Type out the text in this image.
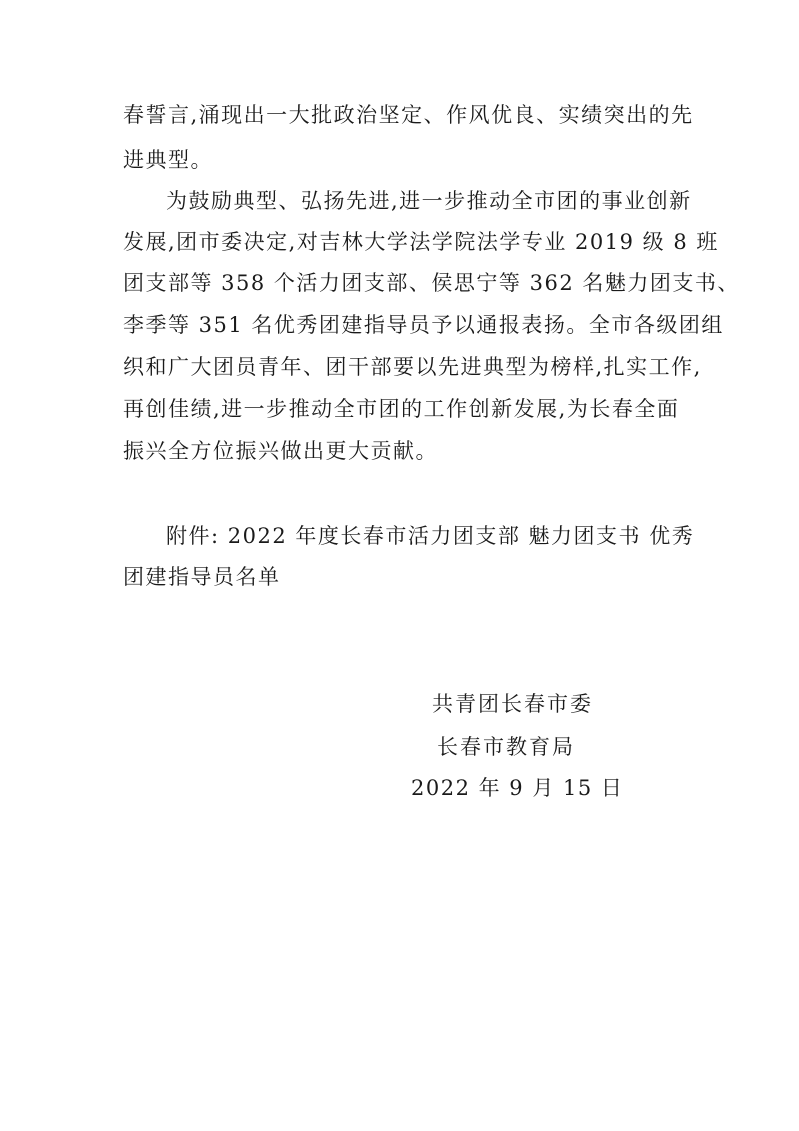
春誓言,涌现出一大批政治坚定、作风优良、实绩突出的先
进典型。
为鼓励典型、弘扬先进,进一步推动全市团的事业创新
发展,团市委决定,对吉林大学法学院法学专业 2019 级 8 班
团支部等 358 个活力团支部、侯思宁等 362 名魅力团支书、
李季等 351 名优秀团建指导员予以通报表扬。全市各级团组
织和广大团员青年、团干部要以先进典型为榜样,扎实工作,
再创佳绩,进一步推动全市团的工作创新发展,为长春全面
振兴全方位振兴做出更大贡献。
附件: 2022 年度长春市活力团支部 魅力团支书 优秀
团建指导员名单
共青团长春市委
长春市教育局
2022 年 9 月 15 日
